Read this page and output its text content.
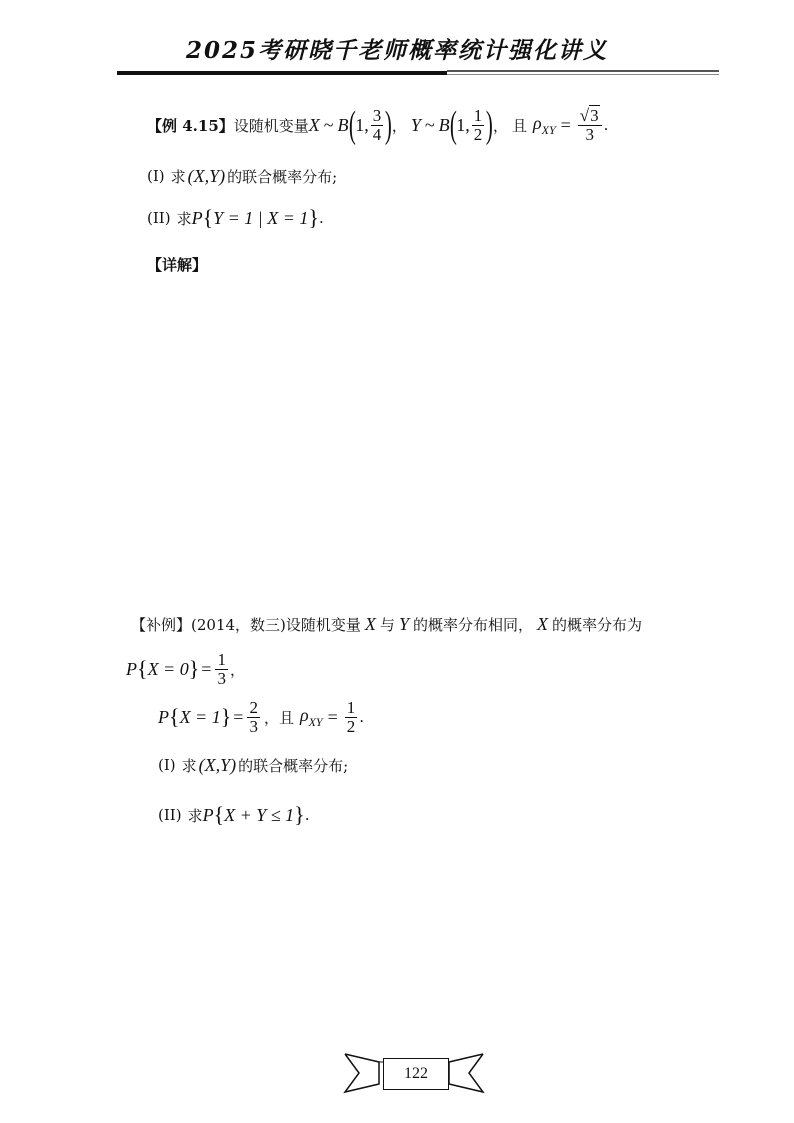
2025考研晓千老师概率统计强化讲义
【例 4.15】 设随机变量 X ~ B ( 1, $\frac{3}{4}$ ) ， Y ~ B ( 1, $\frac{1}{2}$ ) ， 且 $\rho_{XY} = \frac{√3}{3}$ .
(I) 求 (X,Y) 的联合概率分布;
(II) 求 P { Y = 1 | X = 1 } .
【详解】
【补例】 (2014，数三) 设随机变量 X 与 Y 的概率分布相同， X 的概率分布为
P { X = 0 } = $\frac{1}{3}$ ，
P { X = 1 } = $\frac{2}{3}$ ，且 $\rho_{XY} = \frac{1}{2}$ .
(I) 求 (X,Y) 的联合概率分布;
(II) 求 P { X + Y ≤ 1 } .
122
